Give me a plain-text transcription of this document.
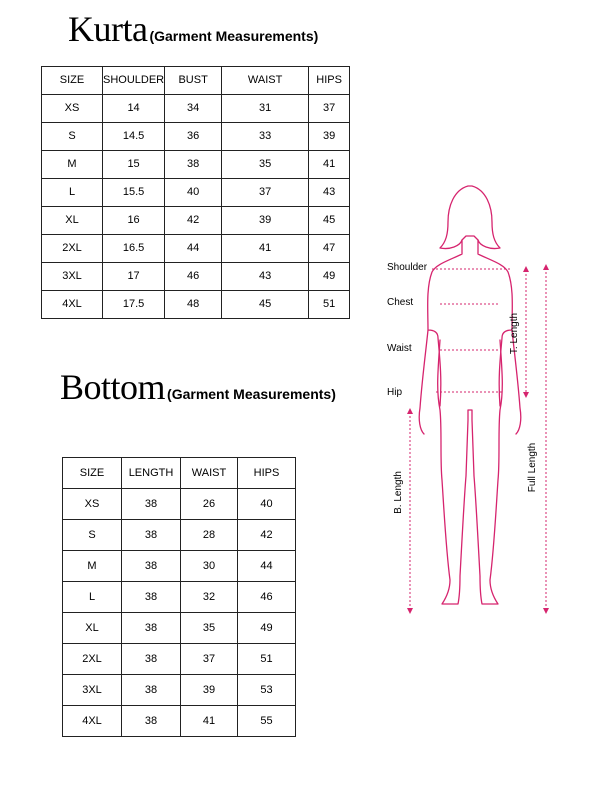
Kurta (Garment Measurements)
SIZE	SHOULDER	BUST	WAIST	HIPS
XS	14	34	31	37
S	14.5	36	33	39
M	15	38	35	41
L	15.5	40	37	43
XL	16	42	39	45
2XL	16.5	44	41	47
3XL	17	46	43	49
4XL	17.5	48	45	51
Bottom (Garment Measurements)
SIZE	LENGTH	WAIST	HIPS
XS	38	26	40
S	38	28	42
M	38	30	44
L	38	32	46
XL	38	35	49
2XL	38	37	51
3XL	38	39	53
4XL	38	41	55
Shoulder
Chest
Waist
Hip
T. Length
Full Length
B. Length
